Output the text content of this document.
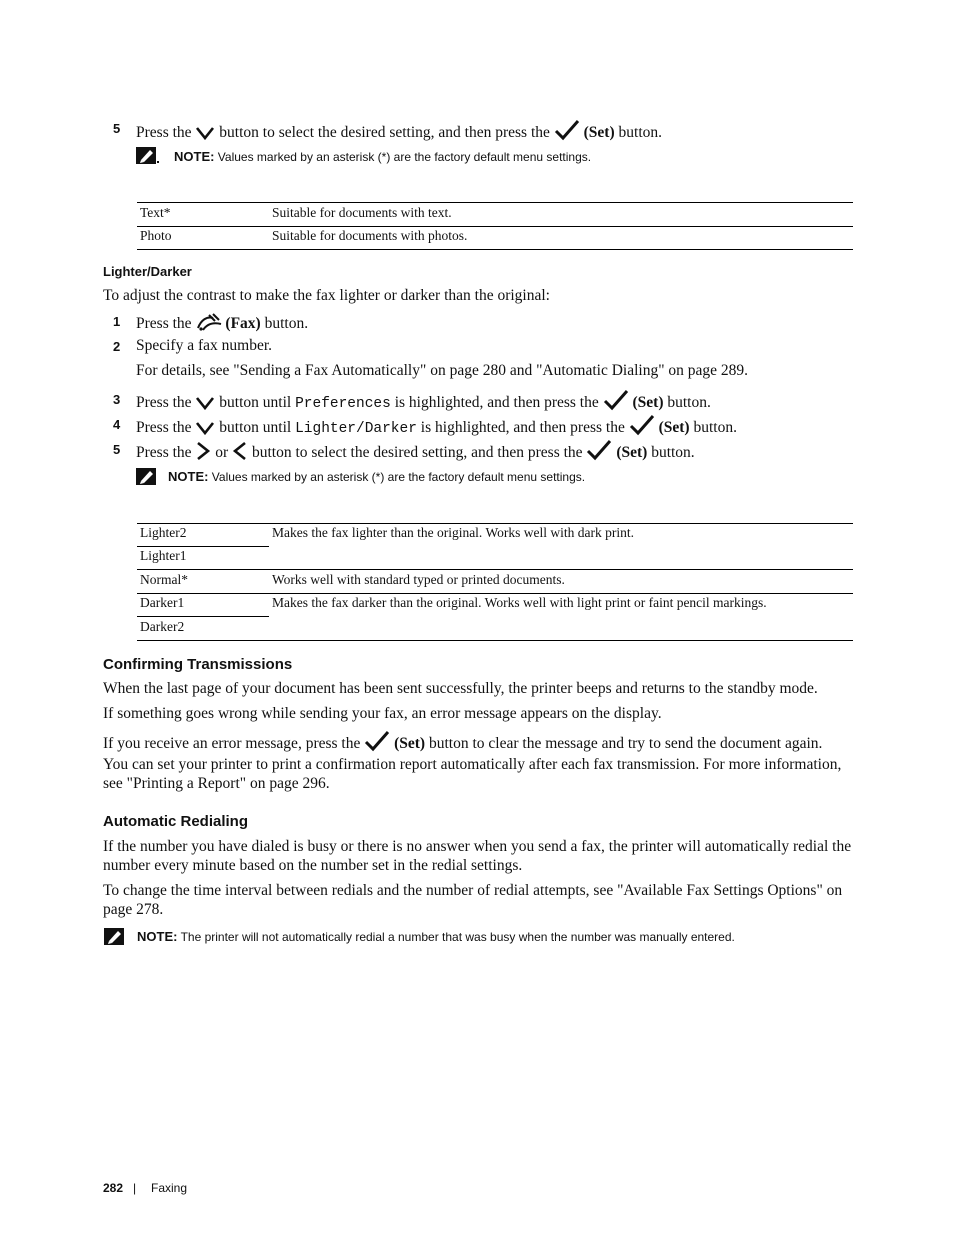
5 Press the button to select the desired setting, and then press the (Set) button.
NOTE: Values marked by an asterisk (*) are the factory default menu settings.
Text*	Suitable for documents with text.
Photo	Suitable for documents with photos.
Lighter/Darker
To adjust the contrast to make the fax lighter or darker than the original:
1 Press the (Fax) button.
2 Specify a fax number.
For details, see "Sending a Fax Automatically" on page 280 and "Automatic Dialing" on page 289.
3 Press the button until Preferences is highlighted, and then press the (Set) button.
4 Press the button until Lighter/Darker is highlighted, and then press the (Set) button.
5 Press the or button to select the desired setting, and then press the (Set) button.
NOTE: Values marked by an asterisk (*) are the factory default menu settings.
Lighter2	Makes the fax lighter than the original. Works well with dark print.
Lighter1
Normal*	Works well with standard typed or printed documents.
Darker1	Makes the fax darker than the original. Works well with light print or faint pencil markings.
Darker2
Confirming Transmissions
When the last page of your document has been sent successfully, the printer beeps and returns to the standby mode.
If something goes wrong while sending your fax, an error message appears on the display.
If you receive an error message, press the (Set) button to clear the message and try to send the document again.
You can set your printer to print a confirmation report automatically after each fax transmission. For more information, see "Printing a Report" on page 296.
Automatic Redialing
If the number you have dialed is busy or there is no answer when you send a fax, the printer will automatically redial the number every minute based on the number set in the redial settings.
To change the time interval between redials and the number of redial attempts, see "Available Fax Settings Options" on page 278.
NOTE: The printer will not automatically redial a number that was busy when the number was manually entered.
282 | Faxing
